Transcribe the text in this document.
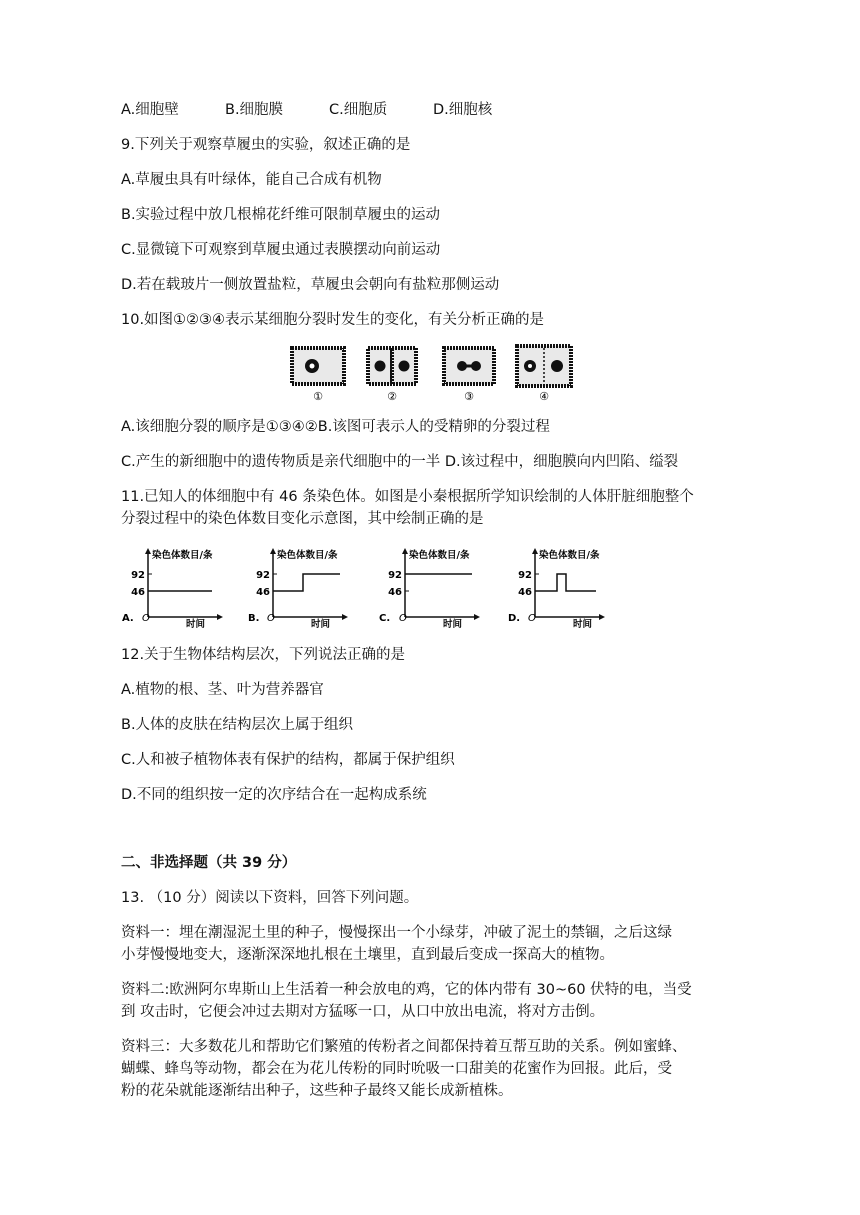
A.细胞壁	B.细胞膜	C.细胞质	D.细胞核
9.下列关于观察草履虫的实验，叙述正确的是
A.草履虫具有叶绿体，能自己合成有机物
B.实验过程中放几根棉花纤维可限制草履虫的运动
C.显微镜下可观察到草履虫通过表膜摆动向前运动
D.若在载玻片一侧放置盐粒，草履虫会朝向有盐粒那侧运动
10.如图①②③④表示某细胞分裂时发生的变化，有关分析正确的是
①	②	③	④
A.该细胞分裂的顺序是①③④②B.该图可表示人的受精卵的分裂过程
C.产生的新细胞中的遗传物质是亲代细胞中的一半 D.该过程中，细胞膜向内凹陷、缢裂
11.已知人的体细胞中有 46 条染色体。如图是小秦根据所学知识绘制的人体肝脏细胞整个
分裂过程中的染色体数目变化示意图，其中绘制正确的是
染色体数目/条
92
46
A. O
时间
染色体数目/条
92
46
B. O
时间
染色体数目/条
92
46
C. O
时间
染色体数目/条
92
46
D. O
时间
12.关于生物体结构层次，下列说法正确的是
A.植物的根、茎、叶为营养器官
B.人体的皮肤在结构层次上属于组织
C.人和被子植物体表有保护的结构，都属于保护组织
D.不同的组织按一定的次序结合在一起构成系统
二、非选择题（共 39 分）
13. （10 分）阅读以下资料，回答下列问题。
资料一：埋在潮湿泥土里的种子，慢慢探出一个小绿芽，冲破了泥土的禁锢，之后这绿
小芽慢慢地变大，逐渐深深地扎根在土壤里，直到最后变成一探高大的植物。
资料二:欧洲阿尔卑斯山上生活着一种会放电的鸡，它的体内带有 30~60 伏特的电，当受
到 攻击时，它便会冲过去期对方猛啄一口，从口中放出电流，将对方击倒。
资料三：大多数花儿和帮助它们繁殖的传粉者之间都保持着互帮互助的关系。例如蜜蜂、
蝴蝶、蜂鸟等动物，都会在为花儿传粉的同时吮吸一口甜美的花蜜作为回报。此后，受
粉的花朵就能逐渐结出种子，这些种子最终又能长成新植株。
